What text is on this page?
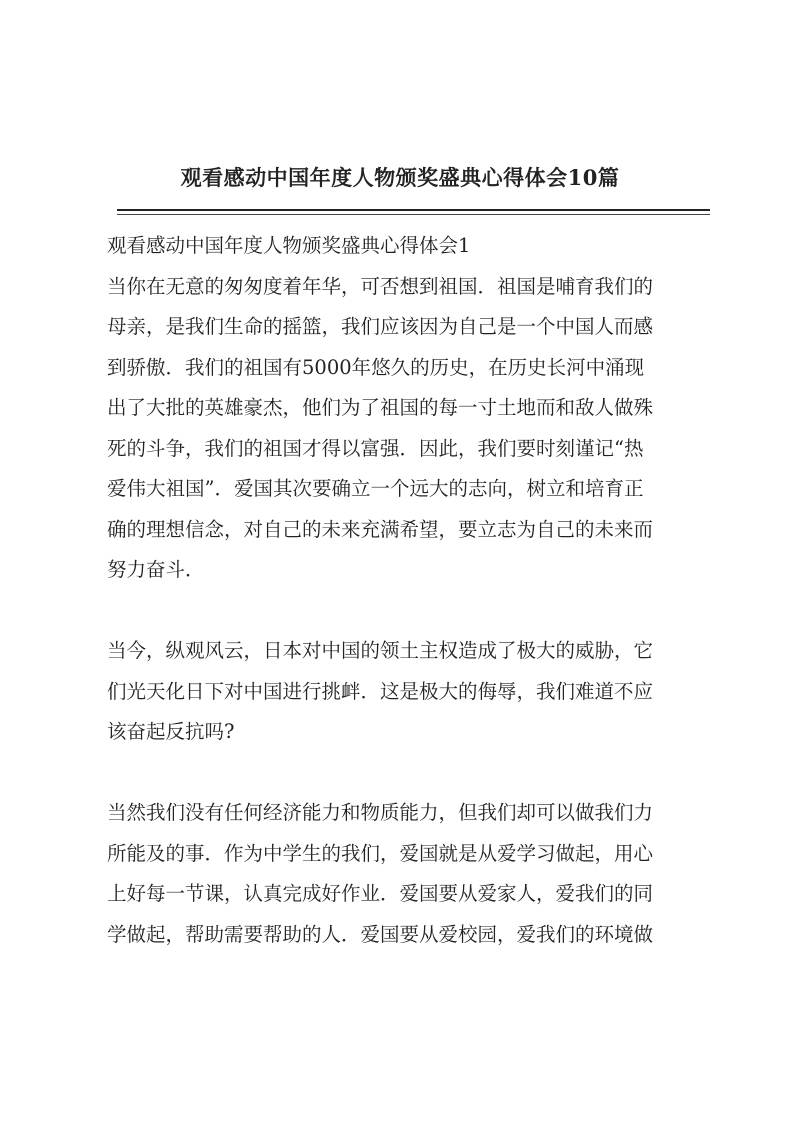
观看感动中国年度人物颁奖盛典心得体会10篇

观看感动中国年度人物颁奖盛典心得体会1

当你在无意的匆匆度着年华，可否想到祖国．祖国是哺育我们的

母亲，是我们生命的摇篮，我们应该因为自己是一个中国人而感

到骄傲．我们的祖国有5000年悠久的历史，在历史长河中涌现

出了大批的英雄豪杰，他们为了祖国的每一寸土地而和敌人做殊

死的斗争，我们的祖国才得以富强．因此，我们要时刻谨记“热

爱伟大祖国”．爱国其次要确立一个远大的志向，树立和培育正

确的理想信念，对自己的未来充满希望，要立志为自己的未来而

努力奋斗．

当今，纵观风云，日本对中国的领土主权造成了极大的威胁，它

们光天化日下对中国进行挑衅．这是极大的侮辱，我们难道不应

该奋起反抗吗?

当然我们没有任何经济能力和物质能力，但我们却可以做我们力

所能及的事．作为中学生的我们，爱国就是从爱学习做起，用心

上好每一节课，认真完成好作业．爱国要从爱家人，爱我们的同

学做起，帮助需要帮助的人．爱国要从爱校园，爱我们的环境做
